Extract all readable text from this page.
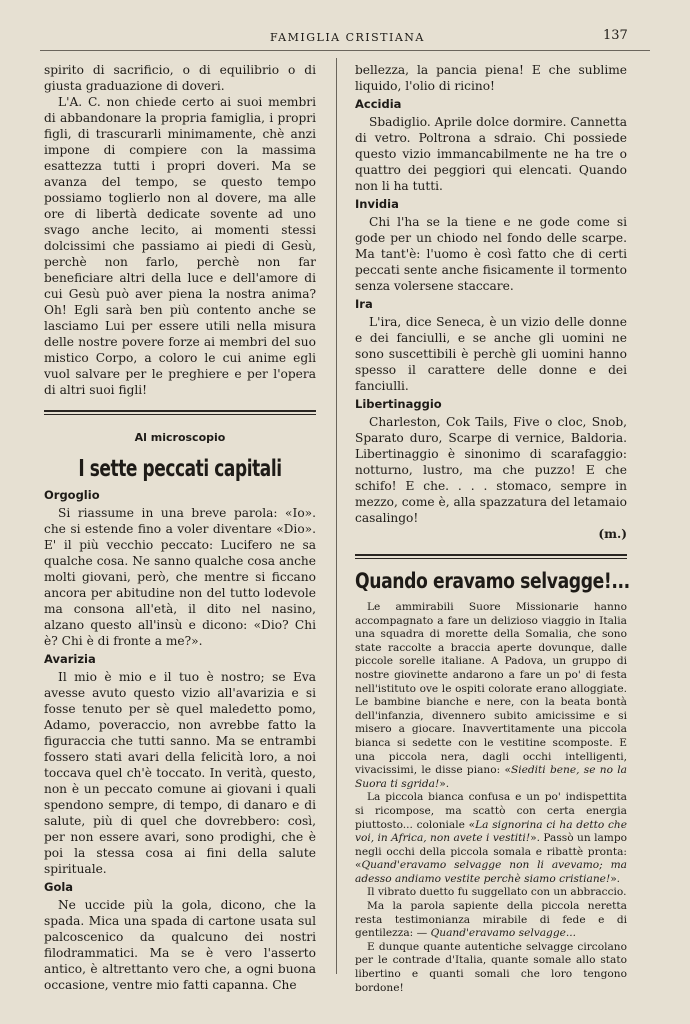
FAMIGLIA CRISTIANA	137

spirito di sacrificio, o di equilibrio o di giusta graduazione di doveri.

L'A. C. non chiede certo ai suoi membri di abbandonare la propria famiglia, i propri figli, di trascurarli minimamente, chè anzi impone di compiere con la massima esattezza tutti i propri doveri. Ma se avanza del tempo, se questo tempo possiamo toglierlo non al dovere, ma alle ore di libertà dedicate sovente ad uno svago anche lecito, ai momenti stessi dolcissimi che passiamo ai piedi di Gesù, perchè non farlo, perchè non far beneficiare altri della luce e dell'amore di cui Gesù può aver piena la nostra anima? Oh! Egli sarà ben più contento anche se lasciamo Lui per essere utili nella misura delle nostre povere forze ai membri del suo mistico Corpo, a coloro le cui anime egli vuol salvare per le preghiere e per l'opera di altri suoi figli!

Al microscopio
I sette peccati capitali
Orgoglio

Si riassume in una breve parola: «Io». che si estende fino a voler diventare «Dio». E' il più vecchio peccato: Lucifero ne sa qualche cosa. Ne sanno qualche cosa anche molti giovani, però, che mentre si ficcano ancora per abitudine non del tutto lodevole ma consona all'età, il dito nel nasino, alzano questo all'insù e dicono: «Dio? Chi è? Chi è di fronte a me?».

Avarizia

Il mio è mio e il tuo è nostro; se Eva avesse avuto questo vizio all'avarizia e si fosse tenuto per sè quel maledetto pomo, Adamo, poveraccio, non avrebbe fatto la figuraccia che tutti sanno. Ma se entrambi fossero stati avari della felicità loro, a noi toccava quel ch'è toccato. In verità, questo, non è un peccato comune ai giovani i quali spendono sempre, di tempo, di danaro e di salute, più di quel che dovrebbero: così, per non essere avari, sono prodighi, che è poi la stessa cosa ai fini della salute spirituale.

Gola

Ne uccide più la gola, dicono, che la spada. Mica una spada di cartone usata sul palcoscenico da qualcuno dei nostri filodrammatici. Ma se è vero l'asserto antico, è altrettanto vero che, a ogni buona occasione, ventre mio fatti capanna. Che

bellezza, la pancia piena! E che sublime liquido, l'olio di ricino!

Accidia

Sbadiglio. Aprile dolce dormire. Cannetta di vetro. Poltrona a sdraio. Chi possiede questo vizio immancabilmente ne ha tre o quattro dei peggiori qui elencati. Quando non li ha tutti.

Invidia

Chi l'ha se la tiene e ne gode come si gode per un chiodo nel fondo delle scarpe. Ma tant'è: l'uomo è così fatto che di certi peccati sente anche fisicamente il tormento senza volersene staccare.

Ira

L'ira, dice Seneca, è un vizio delle donne e dei fanciulli, e se anche gli uomini ne sono suscettibili è perchè gli uomini hanno spesso il carattere delle donne e dei fanciulli.

Libertinaggio

Charleston, Cok Tails, Five o cloc, Snob, Sparato duro, Scarpe di vernice, Baldoria. Libertinaggio è sinonimo di scarafaggio: notturno, lustro, ma che puzzo! E che schifo! E che. . . . stomaco, sempre in mezzo, come è, alla spazzatura del letamaio casalingo!

(m.)

Quando eravamo selvagge!...

Le ammirabili Suore Missionarie hanno accompagnato a fare un delizioso viaggio in Italia una squadra di morette della Somalia, che sono state raccolte a braccia aperte dovunque, dalle piccole sorelle italiane. A Padova, un gruppo di nostre giovinette andarono a fare un po' di festa nell'istituto ove le ospiti colorate erano alloggiate. Le bambine bianche e nere, con la beata bontà dell'infanzia, divennero subito amicissime e si misero a giocare. Inavvertitamente una piccola bianca si sedette con le vestitine scomposte. E una piccola nera, dagli occhi intelligenti, vivacissimi, le disse piano: «Siediti bene, se no la Suora ti sgrida!».

La piccola bianca confusa e un po' indispettita si ricompose, ma scattò con certa energia piuttosto... coloniale «La signorina ci ha detto che voi, in Africa, non avete i vestiti!». Passò un lampo negli occhi della piccola somala e ribattè pronta: «Quand'eravamo selvagge non li avevamo; ma adesso andiamo vestite perchè siamo cristiane!».

Il vibrato duetto fu suggellato con un abbraccio.

Ma la parola sapiente della piccola neretta resta testimonianza mirabile di fede e di gentilezza: — Quand'eravamo selvagge...

E dunque quante autentiche selvagge circolano per le contrade d'Italia, quante somale allo stato libertino e quanti somali che loro tengono bordone!
